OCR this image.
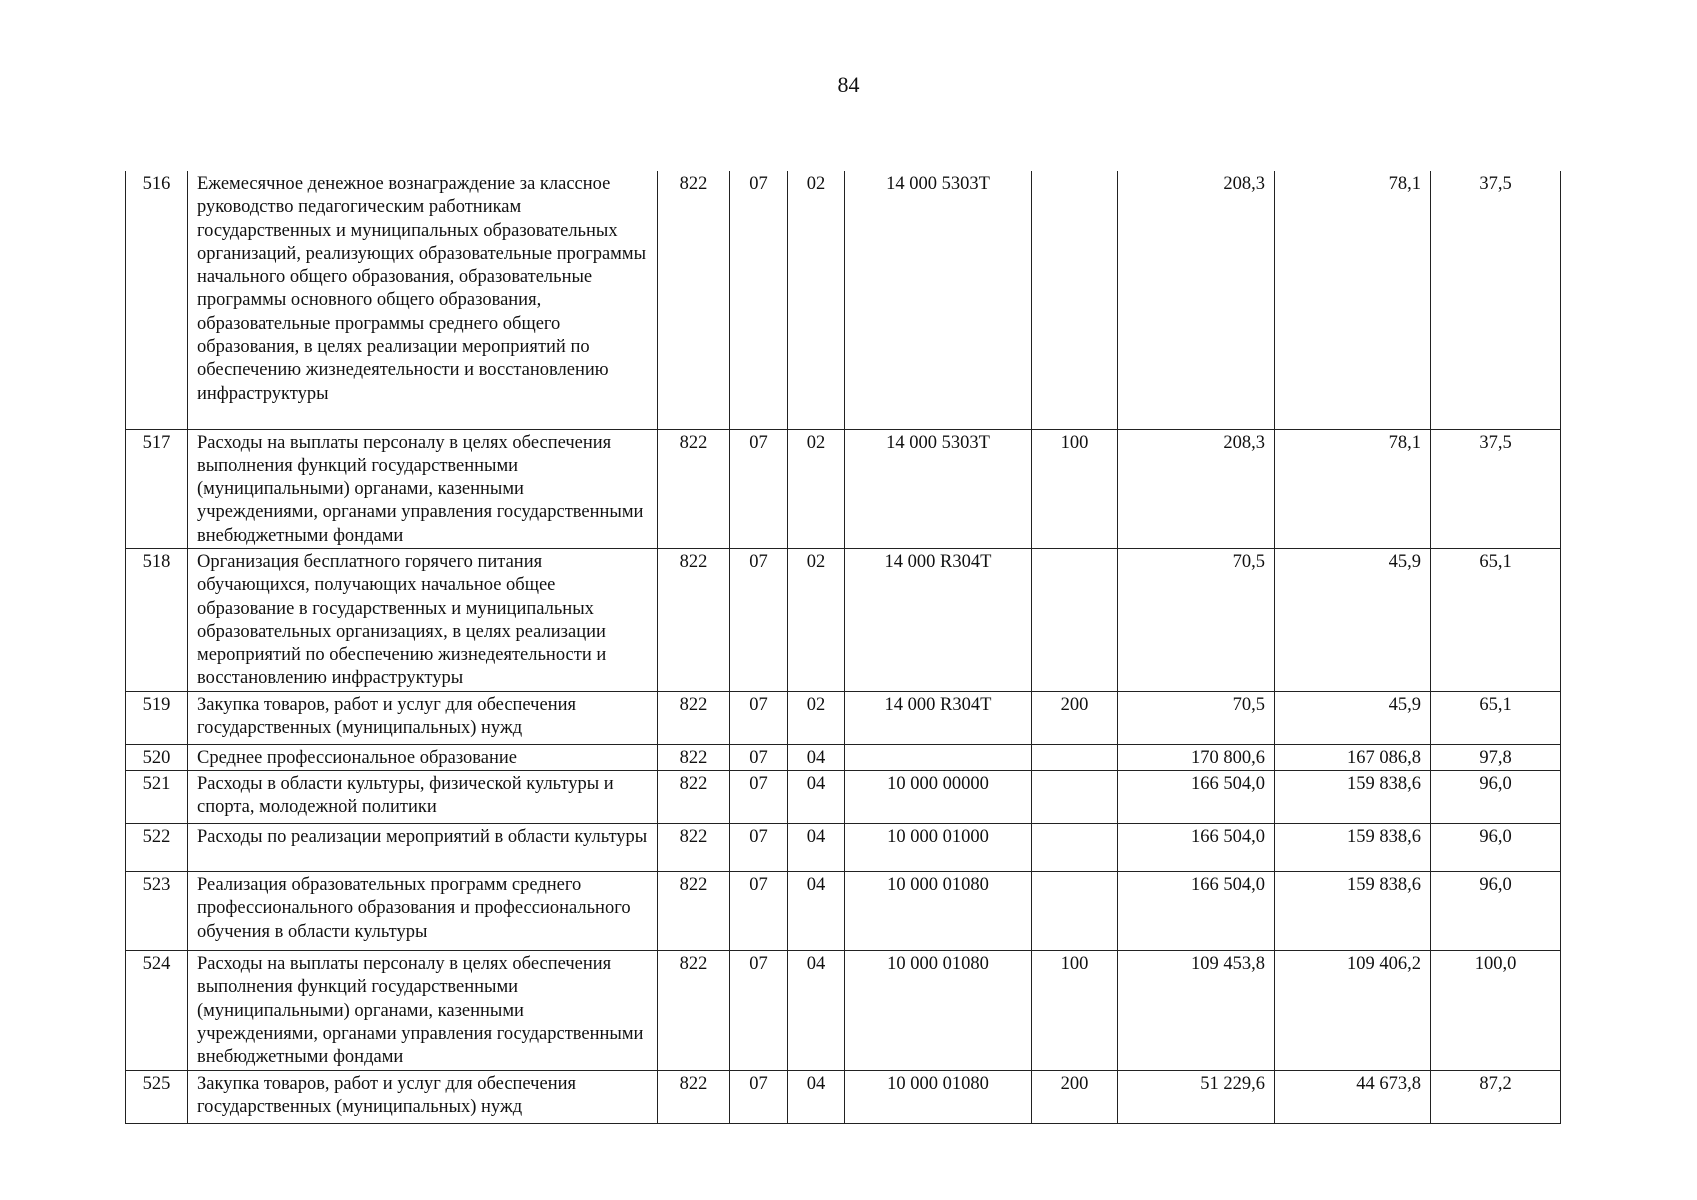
84
516	Ежемесячное денежное вознаграждение за классное руководство педагогическим работникам государственных и муниципальных образовательных организаций, реализующих образовательные программы начального общего образования, образовательные программы основного общего образования, образовательные программы среднего общего образования, в целях реализации мероприятий по обеспечению жизнедеятельности и восстановлению инфраструктуры	822	07	02	14 000 5303Т		208,3	78,1	37,5
517	Расходы на выплаты персоналу в целях обеспечения выполнения функций государственными (муниципальными) органами, казенными учреждениями, органами управления государственными внебюджетными фондами	822	07	02	14 000 5303Т	100	208,3	78,1	37,5
518	Организация бесплатного горячего питания обучающихся, получающих начальное общее образование в государственных и муниципальных образовательных организациях, в целях реализации мероприятий по обеспечению жизнедеятельности и восстановлению инфраструктуры	822	07	02	14 000 R304Т		70,5	45,9	65,1
519	Закупка товаров, работ и услуг для обеспечения государственных (муниципальных) нужд	822	07	02	14 000 R304Т	200	70,5	45,9	65,1
520	Среднее профессиональное образование	822	07	04			170 800,6	167 086,8	97,8
521	Расходы в области культуры, физической культуры и спорта, молодежной политики	822	07	04	10 000 00000		166 504,0	159 838,6	96,0
522	Расходы по реализации мероприятий в области культуры	822	07	04	10 000 01000		166 504,0	159 838,6	96,0
523	Реализация образовательных программ среднего профессионального образования и профессионального обучения в области культуры	822	07	04	10 000 01080		166 504,0	159 838,6	96,0
524	Расходы на выплаты персоналу в целях обеспечения выполнения функций государственными (муниципальными) органами, казенными учреждениями, органами управления государственными внебюджетными фондами	822	07	04	10 000 01080	100	109 453,8	109 406,2	100,0
525	Закупка товаров, работ и услуг для обеспечения государственных (муниципальных) нужд	822	07	04	10 000 01080	200	51 229,6	44 673,8	87,2
